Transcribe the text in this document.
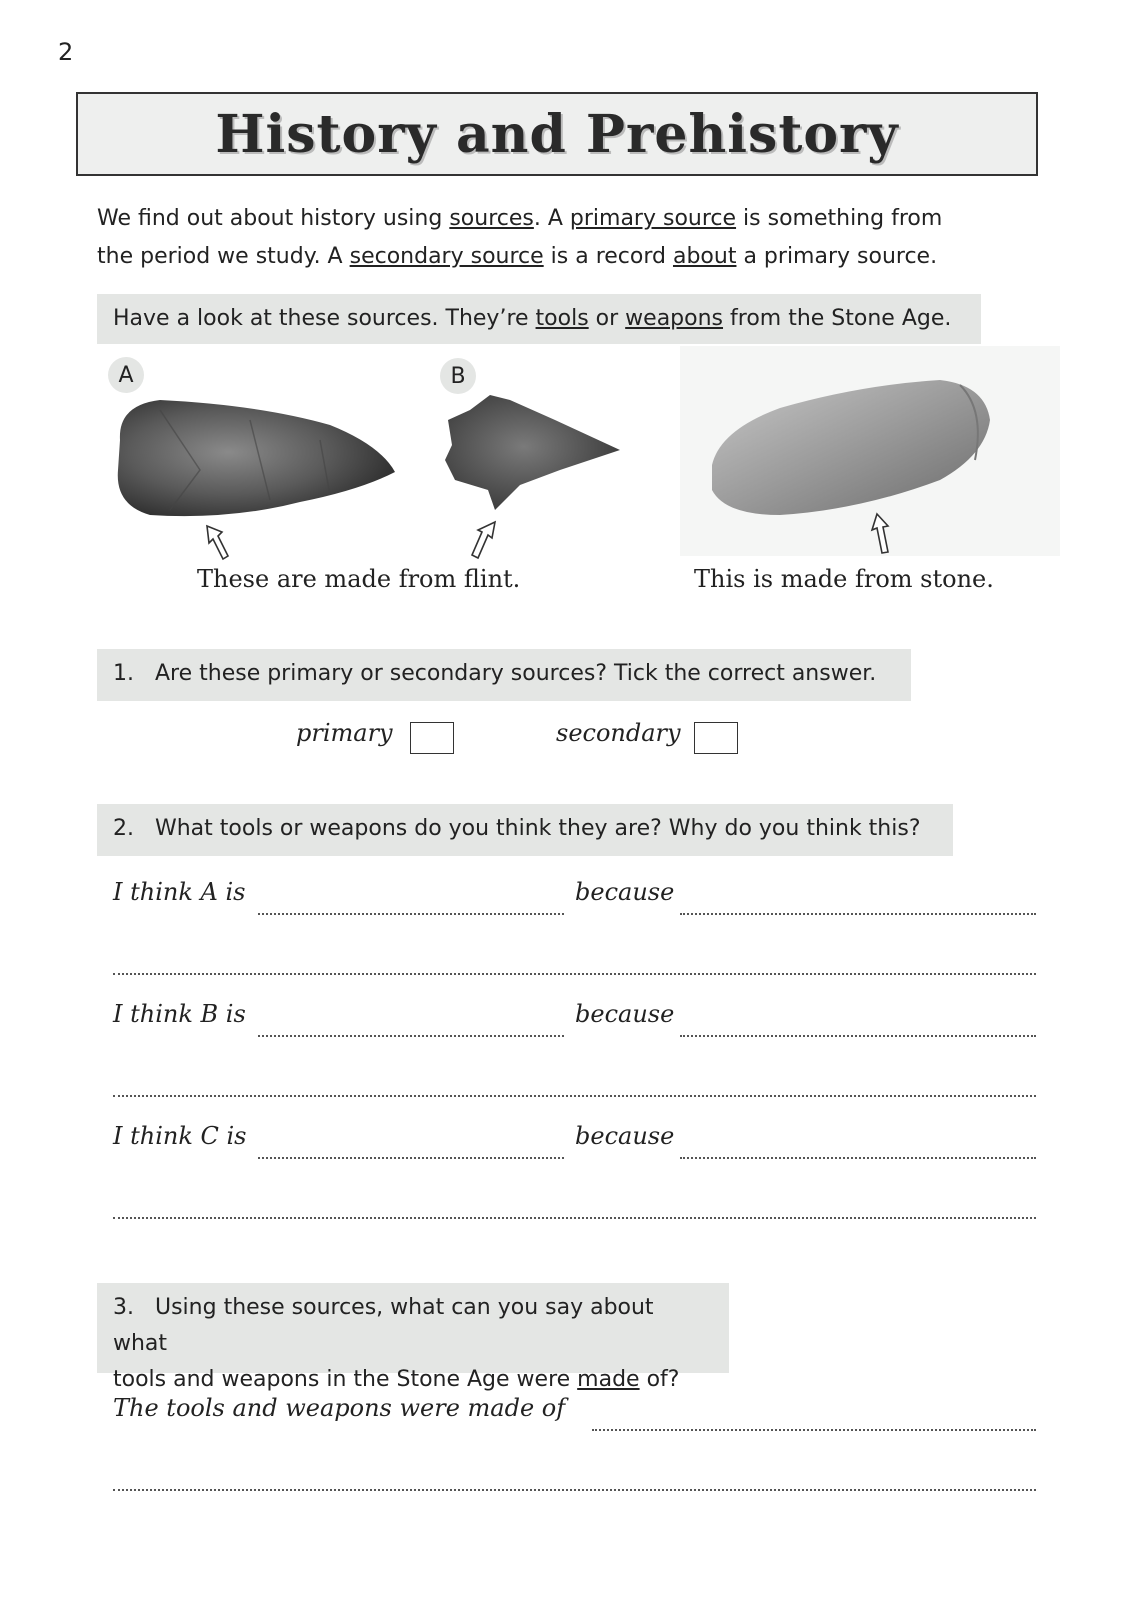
2
History and Prehistory
We find out about history using sources. A primary source is something from
the period we study. A secondary source is a record about a primary source.
Have a look at these sources. They’re tools or weapons from the Stone Age.
A	B
These are made from flint.	This is made from stone.
1. Are these primary or secondary sources? Tick the correct answer.
primary	secondary
2. What tools or weapons do you think they are? Why do you think this?
I think A is	because
I think B is	because
I think C is	because
3. Using these sources, what can you say about what
tools and weapons in the Stone Age were made of?
The tools and weapons were made of
